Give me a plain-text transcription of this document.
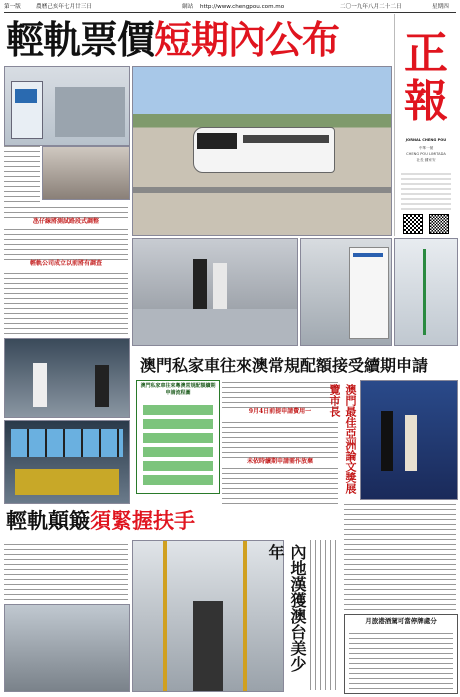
第一版	農曆己亥年七月廿三日	網站 http://www.chengpou.com.mo	二〇一九年八月二十二日	星期四
輕軌票價短期內公布 正報
JORNAL CHENG POU
中華一號
CHENG POU LIMITADA
社長 鍾家安
氹仔線將測試路段式調整
輕軌公司成立以前將有調查
澳門私家車往來澳常規配額接受續期申請
澳門私家車往來粵澳常規配額續期申請流程圖
9月4日前提申請費用一
未依時續期申請需作放棄	澳門最佳亞洲論文獎展覽市長
月旅港酒駕可當停牌處分
輕軌顛簸須緊握扶手
內地漢獲澳台美少年
